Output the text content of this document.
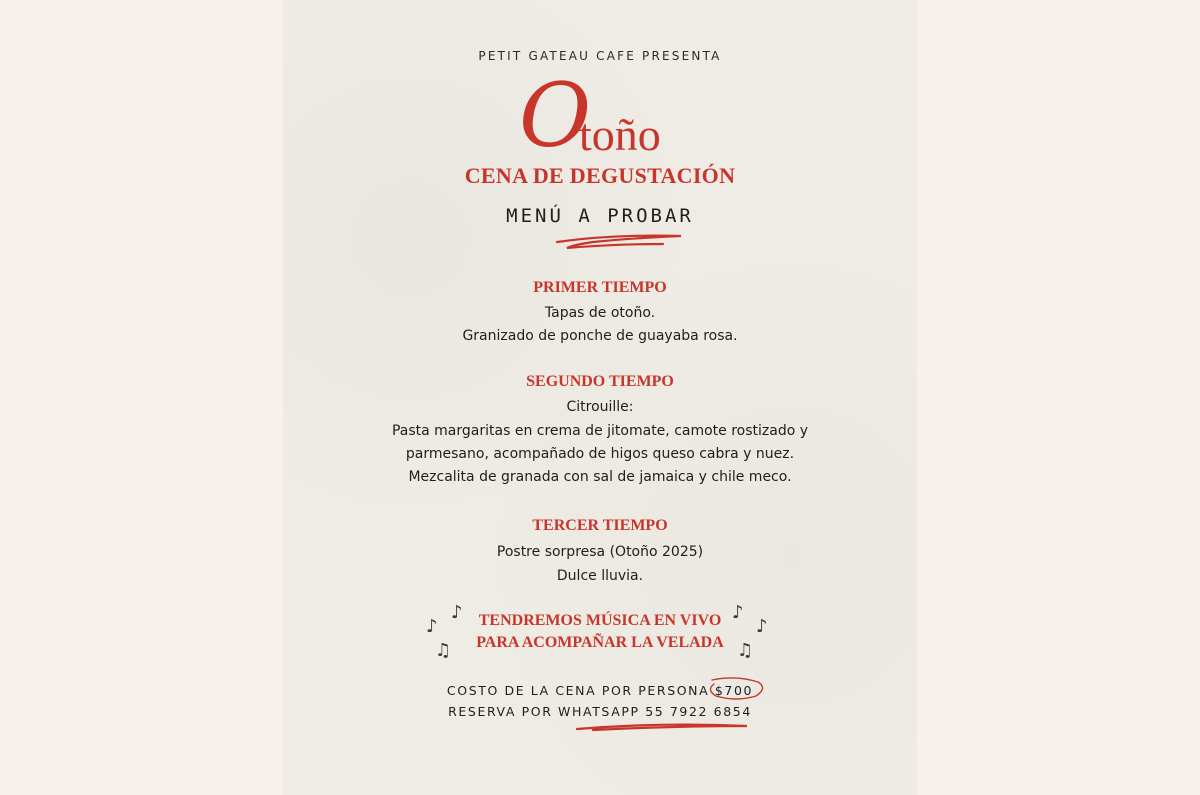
PETIT GATEAU CAFE PRESENTA
O
toño
CENA DE DEGUSTACIÓN
MENÚ A PROBAR
PRIMER TIEMPO
Tapas de otoño.
Granizado de ponche de guayaba rosa.
SEGUNDO TIEMPO
Citrouille:
Pasta margaritas en crema de jitomate, camote rostizado y
parmesano, acompañado de higos queso cabra y nuez.
Mezcalita de granada con sal de jamaica y chile meco.
TERCER TIEMPO
Postre sorpresa (Otoño 2025)
Dulce lluvia.
TENDREMOS MÚSICA EN VIVO
PARA ACOMPAÑAR LA VELADA
♪
♪
♫
♪
♪
♫
COSTO DE LA CENA POR PERSONA $700
RESERVA POR WHATSAPP 55 7922 6854
